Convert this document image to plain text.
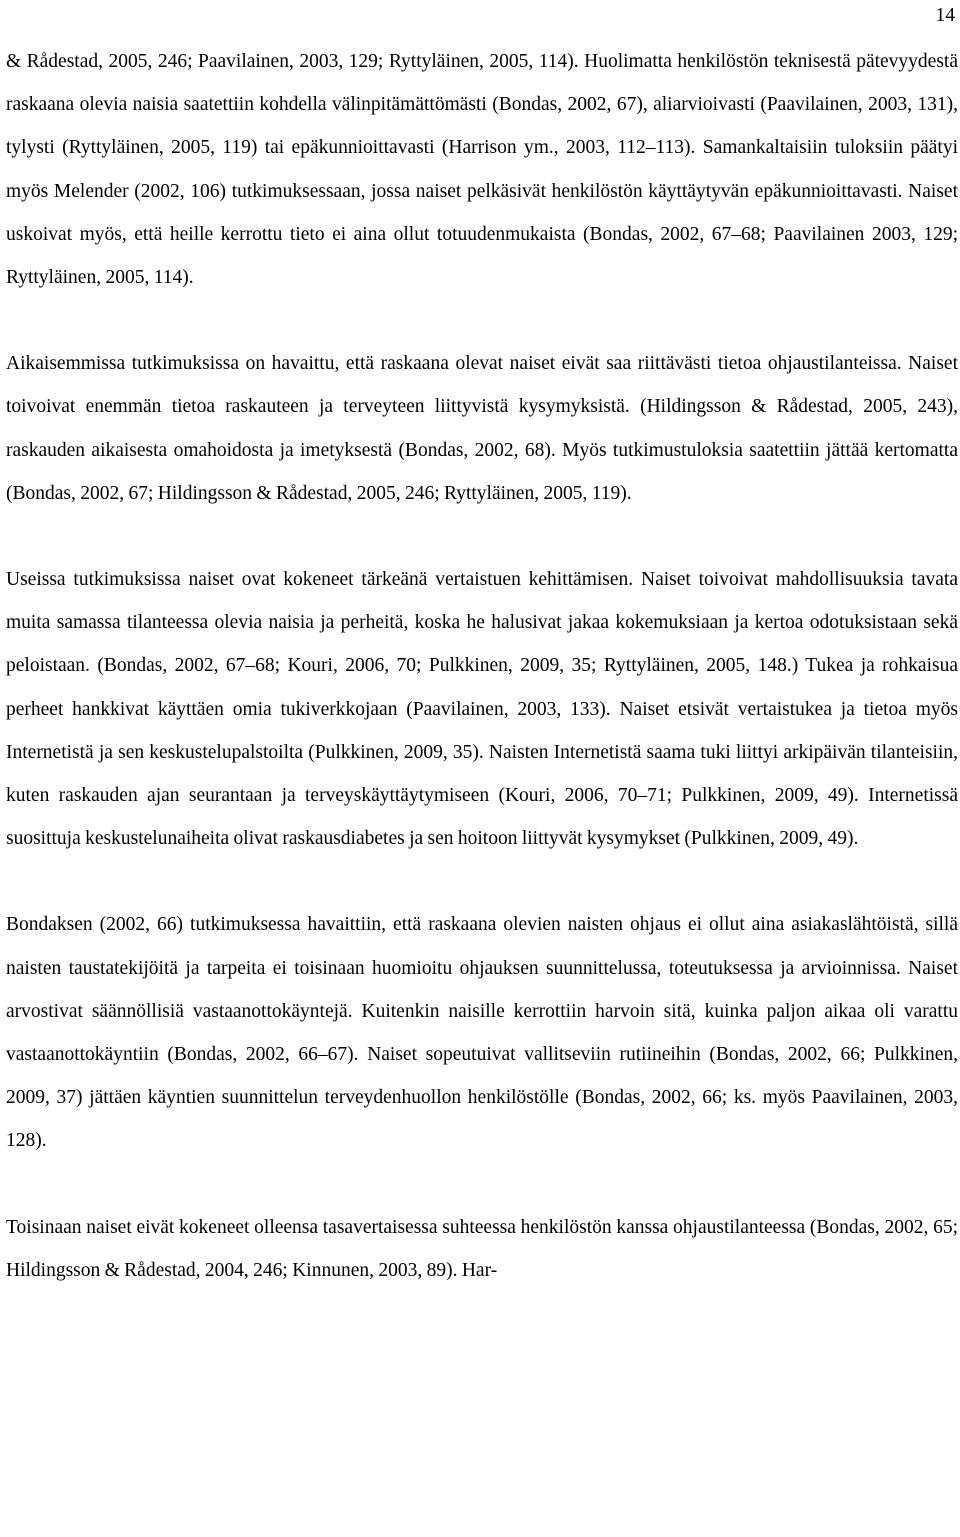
14

& Rådestad, 2005, 246; Paavilainen, 2003, 129; Ryttyläinen, 2005, 114). Huolimatta henkilöstön teknisestä pätevyydestä raskaana olevia naisia saatettiin kohdella välinpitämättömästi (Bondas, 2002, 67), aliarvioivasti (Paavilainen, 2003, 131), tylysti (Ryttyläinen, 2005, 119) tai epäkunnioittavasti (Harrison ym., 2003, 112–113). Samankaltaisiin tuloksiin päätyi myös Melender (2002, 106) tutkimuksessaan, jossa naiset pelkäsivät henkilöstön käyttäytyvän epäkunnioittavasti. Naiset uskoivat myös, että heille kerrottu tieto ei aina ollut totuudenmukaista (Bondas, 2002, 67–68; Paavilainen 2003, 129; Ryttyläinen, 2005, 114).

Aikaisemmissa tutkimuksissa on havaittu, että raskaana olevat naiset eivät saa riittävästi tietoa ohjaustilanteissa. Naiset toivoivat enemmän tietoa raskauteen ja terveyteen liittyvistä kysymyksistä. (Hildingsson & Rådestad, 2005, 243), raskauden aikaisesta omahoidosta ja imetyksestä (Bondas, 2002, 68). Myös tutkimustuloksia saatettiin jättää kertomatta (Bondas, 2002, 67; Hildingsson & Rådestad, 2005, 246; Ryttyläinen, 2005, 119).

Useissa tutkimuksissa naiset ovat kokeneet tärkeänä vertaistuen kehittämisen. Naiset toivoivat mahdollisuuksia tavata muita samassa tilanteessa olevia naisia ja perheitä, koska he halusivat jakaa kokemuksiaan ja kertoa odotuksistaan sekä peloistaan. (Bondas, 2002, 67–68; Kouri, 2006, 70; Pulkkinen, 2009, 35; Ryttyläinen, 2005, 148.) Tukea ja rohkaisua perheet hankkivat käyttäen omia tukiverkkojaan (Paavilainen, 2003, 133). Naiset etsivät vertaistukea ja tietoa myös Internetistä ja sen keskustelupalstoilta (Pulkkinen, 2009, 35). Naisten Internetistä saama tuki liittyi arkipäivän tilanteisiin, kuten raskauden ajan seurantaan ja terveyskäyttäytymiseen (Kouri, 2006, 70–71; Pulkkinen, 2009, 49). Internetissä suosittuja keskustelunaiheita olivat raskausdiabetes ja sen hoitoon liittyvät kysymykset (Pulkkinen, 2009, 49).

Bondaksen (2002, 66) tutkimuksessa havaittiin, että raskaana olevien naisten ohjaus ei ollut aina asiakaslähtöistä, sillä naisten taustatekijöitä ja tarpeita ei toisinaan huomioitu ohjauksen suunnittelussa, toteutuksessa ja arvioinnissa. Naiset arvostivat säännöllisiä vastaanottokäyntejä. Kuitenkin naisille kerrottiin harvoin sitä, kuinka paljon aikaa oli varattu vastaanottokäyntiin (Bondas, 2002, 66–67). Naiset sopeutuivat vallitseviin rutiineihin (Bondas, 2002, 66; Pulkkinen, 2009, 37) jättäen käyntien suunnittelun terveydenhuollon henkilöstölle (Bondas, 2002, 66; ks. myös Paavilainen, 2003, 128).

Toisinaan naiset eivät kokeneet olleensa tasavertaisessa suhteessa henkilöstön kanssa ohjaustilanteessa (Bondas, 2002, 65; Hildingsson & Rådestad, 2004, 246; Kinnunen, 2003, 89). Har-
